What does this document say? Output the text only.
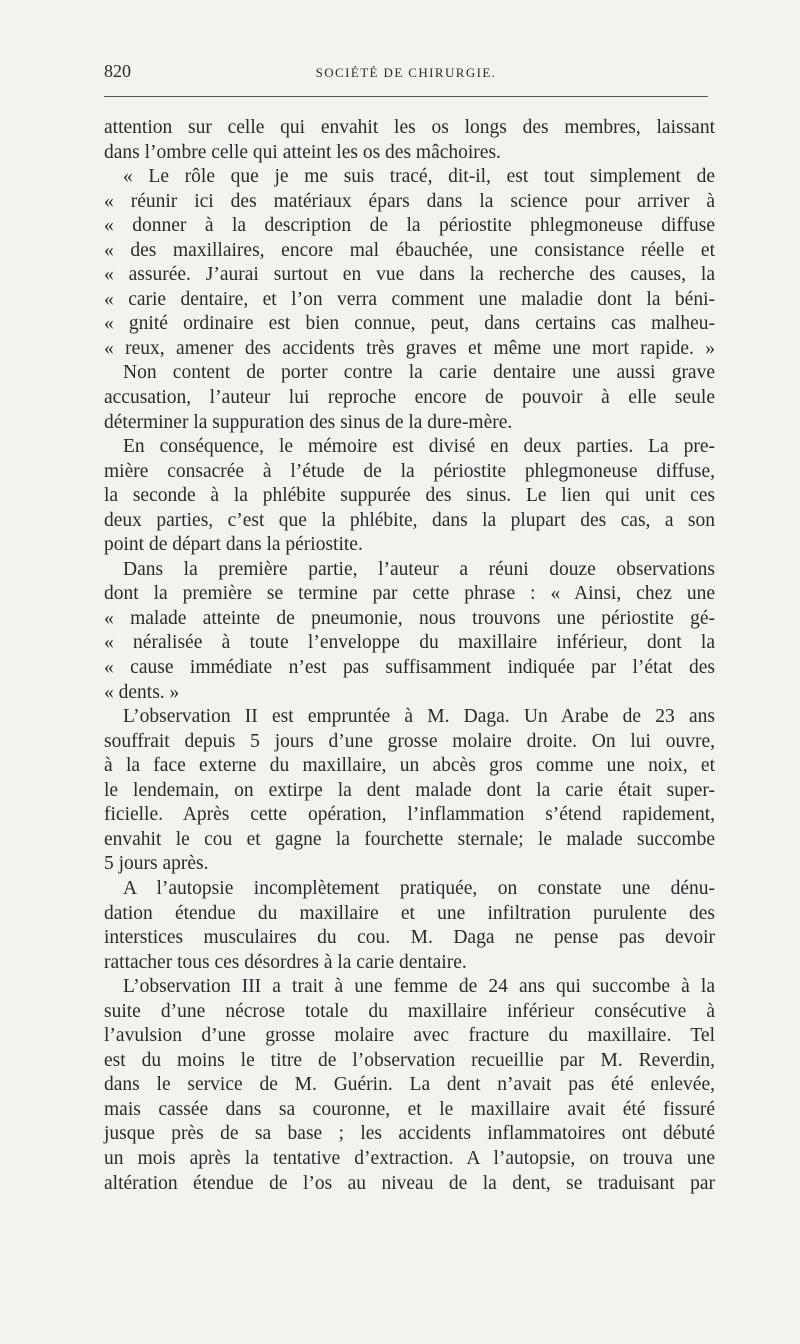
820	SOCIÉTÉ DE CHIRURGIE.

attention sur celle qui envahit les os longs des membres, laissant

dans l’ombre celle qui atteint les os des mâchoires.

« Le rôle que je me suis tracé, dit-il, est tout simplement de

« réunir ici des matériaux épars dans la science pour arriver à

« donner à la description de la périostite phlegmoneuse diffuse

« des maxillaires, encore mal ébauchée, une consistance réelle et

« assurée. J’aurai surtout en vue dans la recherche des causes, la

« carie dentaire, et l’on verra comment une maladie dont la béni-

« gnité ordinaire est bien connue, peut, dans certains cas malheu-

« reux, amener des accidents très graves et même une mort rapide. »

Non content de porter contre la carie dentaire une aussi grave

accusation, l’auteur lui reproche encore de pouvoir à elle seule

déterminer la suppuration des sinus de la dure-mère.

En conséquence, le mémoire est divisé en deux parties. La pre-

mière consacrée à l’étude de la périostite phlegmoneuse diffuse,

la seconde à la phlébite suppurée des sinus. Le lien qui unit ces

deux parties, c’est que la phlébite, dans la plupart des cas, a son

point de départ dans la périostite.

Dans la première partie, l’auteur a réuni douze observations

dont la première se termine par cette phrase : « Ainsi, chez une

« malade atteinte de pneumonie, nous trouvons une périostite gé-

« néralisée à toute l’enveloppe du maxillaire inférieur, dont la

« cause immédiate n’est pas suffisamment indiquée par l’état des

« dents. »

L’observation II est empruntée à M. Daga. Un Arabe de 23 ans

souffrait depuis 5 jours d’une grosse molaire droite. On lui ouvre,

à la face externe du maxillaire, un abcès gros comme une noix, et

le lendemain, on extirpe la dent malade dont la carie était super-

ficielle. Après cette opération, l’inflammation s’étend rapidement,

envahit le cou et gagne la fourchette sternale; le malade succombe

5 jours après.

A l’autopsie incomplètement pratiquée, on constate une dénu-

dation étendue du maxillaire et une infiltration purulente des

interstices musculaires du cou. M. Daga ne pense pas devoir

rattacher tous ces désordres à la carie dentaire.

L’observation III a trait à une femme de 24 ans qui succombe à la

suite d’une nécrose totale du maxillaire inférieur consécutive à

l’avulsion d’une grosse molaire avec fracture du maxillaire. Tel

est du moins le titre de l’observation recueillie par M. Reverdin,

dans le service de M. Guérin. La dent n’avait pas été enlevée,

mais cassée dans sa couronne, et le maxillaire avait été fissuré

jusque près de sa base ; les accidents inflammatoires ont débuté

un mois après la tentative d’extraction. A l’autopsie, on trouva une

altération étendue de l’os au niveau de la dent, se traduisant par
